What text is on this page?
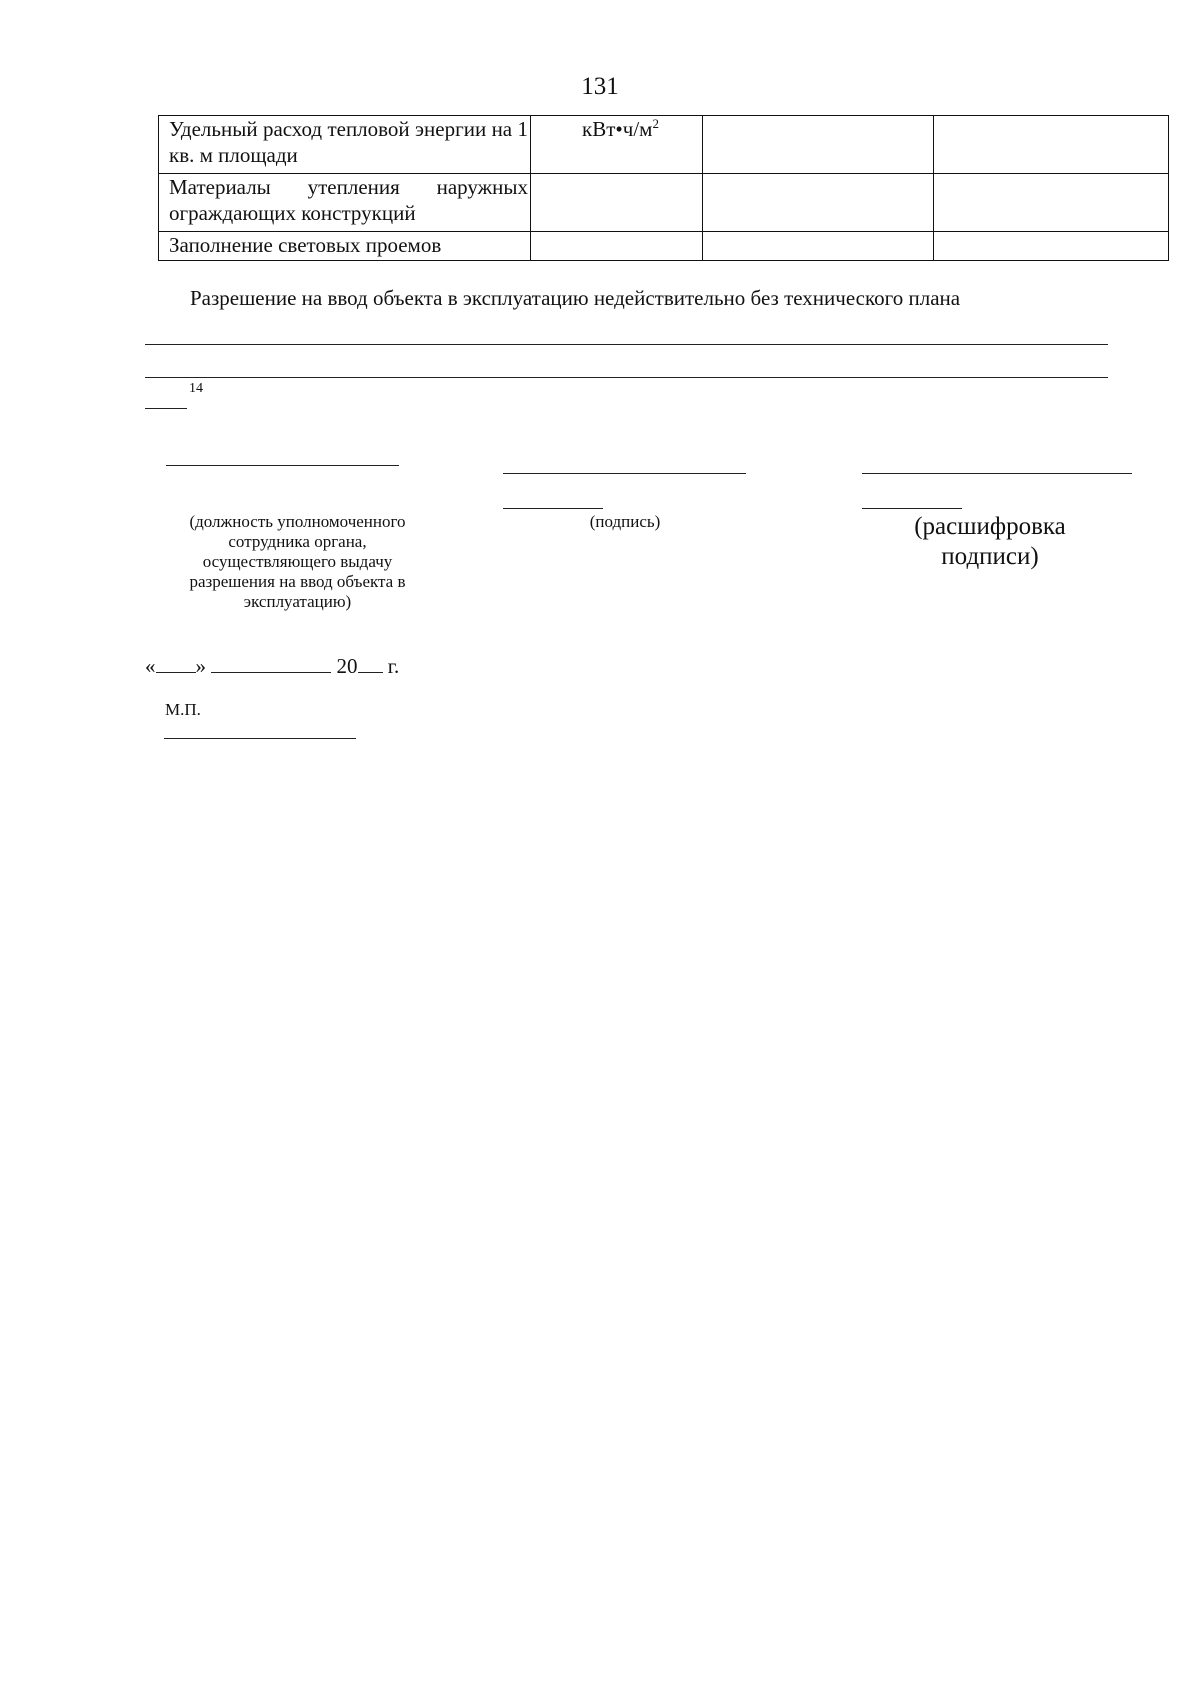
131
Удельный расход тепловой энергии на 1 кв. м площади	$кВт•ч/м^2$		
Материалы утепления наружных ограждающих конструкций			
Заполнение световых проемов			
Разрешение на ввод объекта в эксплуатацию недействительно без технического плана
14
(должность уполномоченного сотрудника органа, осуществляющего выдачу разрешения на ввод объекта в эксплуатацию)
(подпись)	(расшифровка подписи)
« »	20 г.
М.П.
